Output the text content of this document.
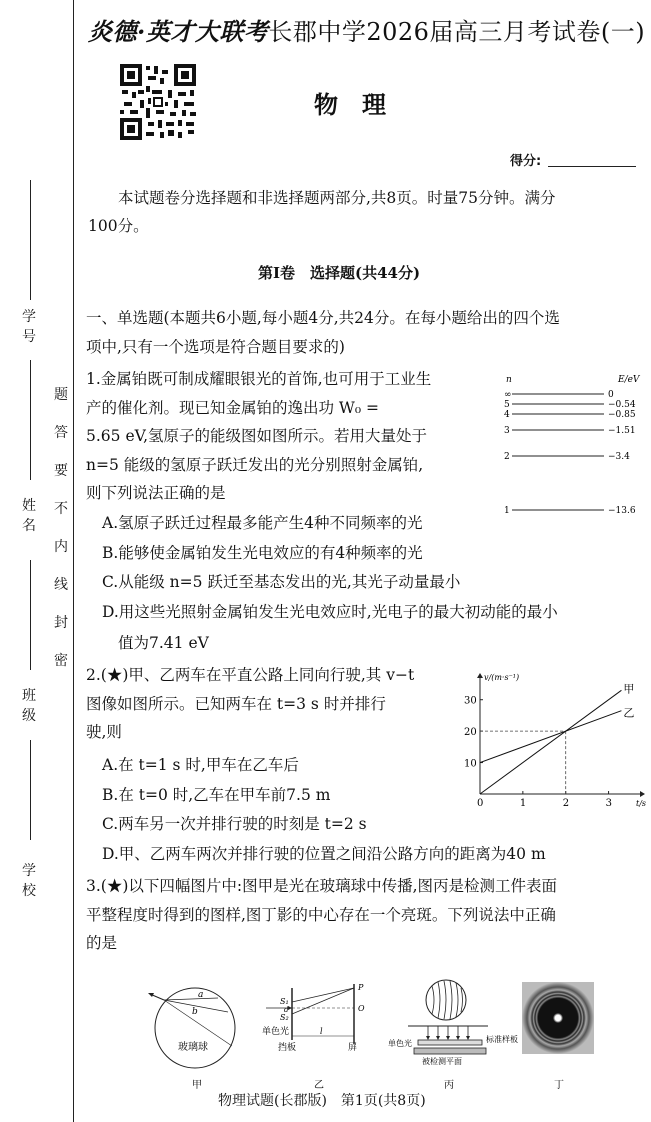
学 号
姓 名
班 级
学 校
密
封
线
内
不
要
答
题
炎德·英才大联考长郡中学2026届高三月考试卷(一)
物　理
得分:
本试题卷分选择题和非选择题两部分,共8页。时量75分钟。满分
100分。
第Ⅰ卷　选择题(共44分)
一、单选题(本题共6小题,每小题4分,共24分。在每小题给出的四个选
项中,只有一个选项是符合题目要求的)
1.金属铂既可制成耀眼银光的首饰,也可用于工业生
产的催化剂。现已知金属铂的逸出功 W₀ =
5.65 eV,氢原子的能级图如图所示。若用大量处于
n=5 能级的氢原子跃迁发出的光分别照射金属铂,
则下列说法正确的是
n	E/eV
∞	0
5	−0.54
4	−0.85
3	−1.51
2	−3.4
1	−13.6
A.氢原子跃迁过程最多能产生4种不同频率的光
B.能够使金属铂发生光电效应的有4种频率的光
C.从能级 n=5 跃迁至基态发出的光,其光子动量最小
D.用这些光照射金属铂发生光电效应时,光电子的最大初动能的最小
值为7.41 eV
2.(★)甲、乙两车在平直公路上同向行驶,其 v−t
图像如图所示。已知两车在 t=3 s 时并排行
驶,则
A.在 t=1 s 时,甲车在乙车后
B.在 t=0 时,乙车在甲车前7.5 m
C.两车另一次并排行驶的时刻是 t=2 s
D.甲、乙两车两次并排行驶的位置之间沿公路方向的距离为40 m
v/(m·s⁻¹)
t/s
0	1	2	3
10
20
30
甲
乙
3.(★)以下四幅图片中:图甲是光在玻璃球中传播,图丙是检测工件表面
平整程度时得到的图样,图丁影的中心存在一个亮斑。下列说法中正确
的是
a
b
玻璃球
甲
S₁
S₂
P
O
d
l
单色光
挡板	屏
乙
单色光	标准样板
被检测平面
丙	丁
物理试题(长郡版)　第1页(共8页)
